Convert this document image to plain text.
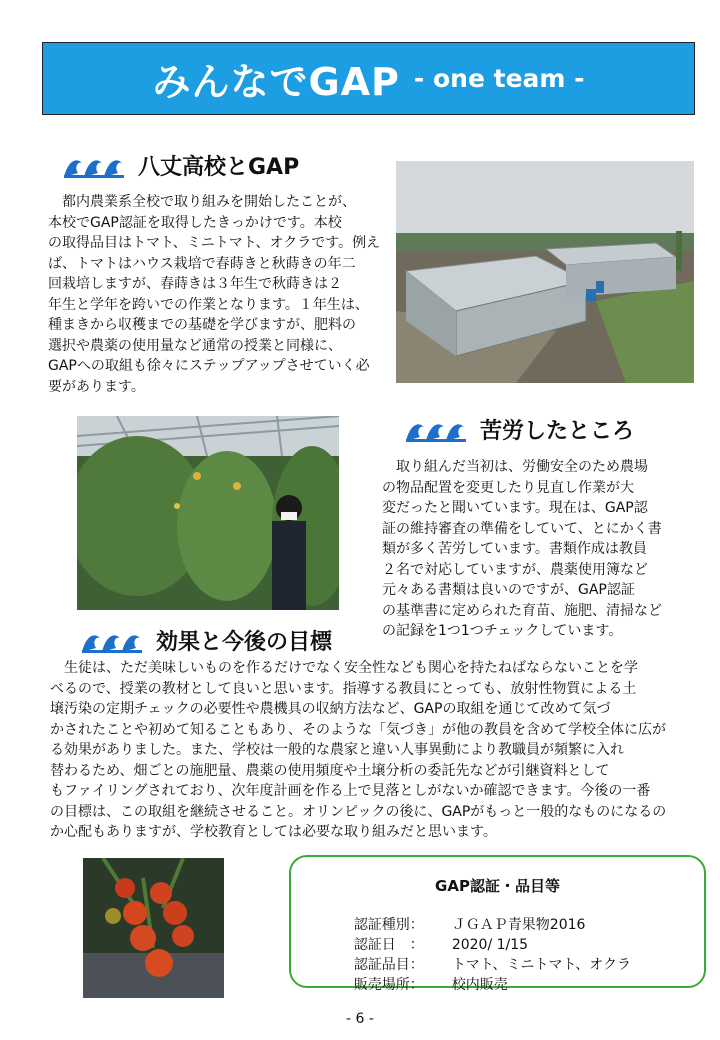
みんなでGAP - one team -
八丈高校とGAP
　都内農業系全校で取り組みを開始したことが、
本校でGAP認証を取得したきっかけです。本校
の取得品目はトマト、ミニトマト、オクラです。例え
ば、トマトはハウス栽培で春蒔きと秋蒔きの年二
回栽培しますが、春蒔きは３年生で秋蒔きは２
年生と学年を跨いでの作業となります。１年生は、
種まきから収穫までの基礎を学びますが、肥料の
選択や農薬の使用量など通常の授業と同様に、
GAPへの取組も徐々にステップアップさせていく必
要があります。
苦労したところ
　取り組んだ当初は、労働安全のため農場
の物品配置を変更したり見直し作業が大
変だったと聞いています。現在は、GAP認
証の維持審査の準備をしていて、とにかく書
類が多く苦労しています。書類作成は教員
２名で対応していますが、農薬使用簿など
元々ある書類は良いのですが、GAP認証
の基準書に定められた育苗、施肥、清掃など
の記録を1つ1つチェックしています。
効果と今後の目標
　生徒は、ただ美味しいものを作るだけでなく安全性なども関心を持たねばならないことを学
べるので、授業の教材として良いと思います。指導する教員にとっても、放射性物質による土
壌汚染の定期チェックの必要性や農機具の収納方法など、GAPの取組を通じて改めて気づ
かされたことや初めて知ることもあり、そのような「気づき」が他の教員を含めて学校全体に広が
る効果がありました。また、学校は一般的な農家と違い人事異動により教職員が頻繁に入れ
替わるため、畑ごとの施肥量、農薬の使用頻度や土壌分析の委託先などが引継資料として
もファイリングされており、次年度計画を作る上で見落としがないか確認できます。今後の一番
の目標は、この取組を継続させること。オリンピックの後に、GAPがもっと一般的なものになるの
か心配もありますが、学校教育としては必要な取り組みだと思います。
GAP認証・品目等

認証種別： ＪＧＡＰ青果物2016

認証日　： 2020/ 1/15

認証品目： トマト、ミニトマト、オクラ

販売場所： 校内販売

- 6 -
